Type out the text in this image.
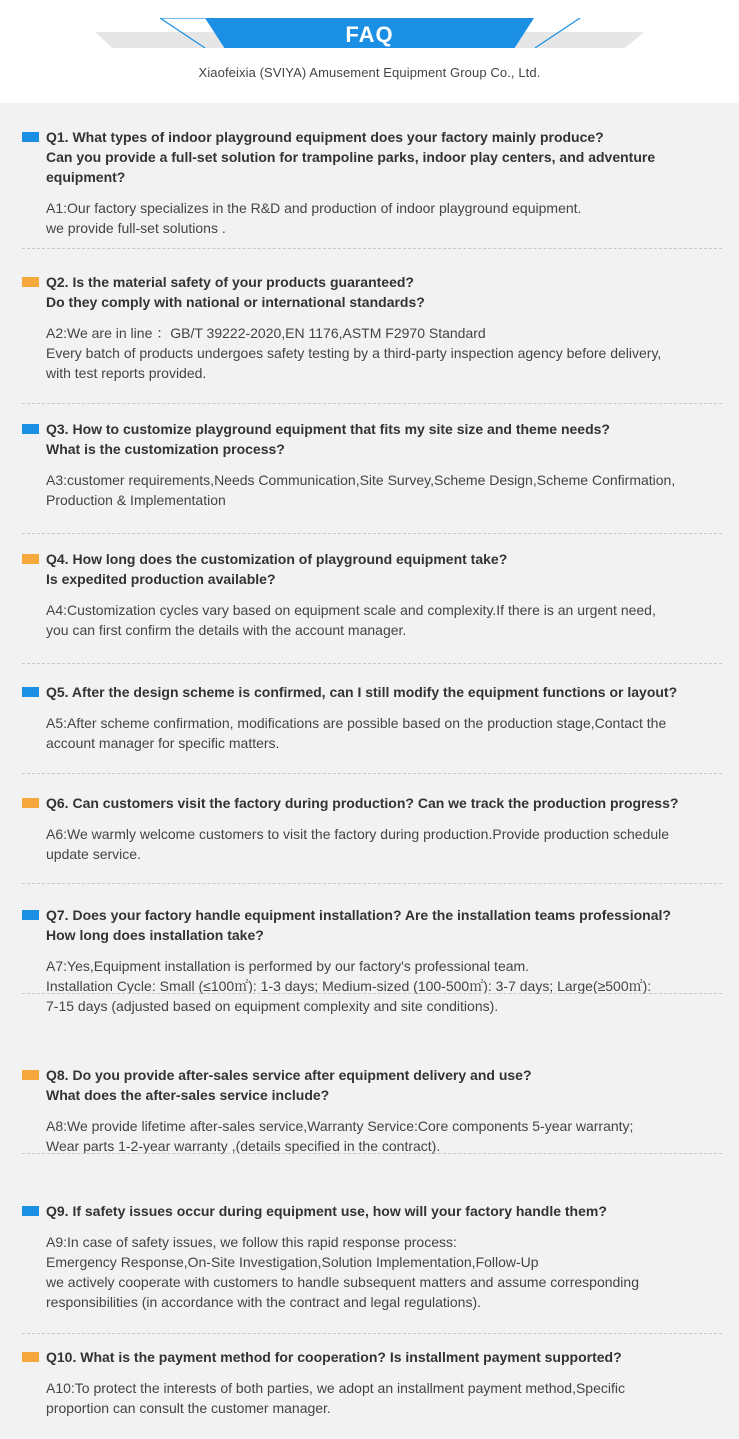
FAQ
Xiaofeixia (SVIYA) Amusement Equipment Group Co., Ltd.
Q1. What types of indoor playground equipment does your factory mainly produce?
Can you provide a full-set solution for trampoline parks, indoor play centers, and adventure
equipment?
A1:Our factory specializes in the R&D and production of indoor playground equipment.
we provide full-set solutions .
Q2. Is the material safety of your products guaranteed?
Do they comply with national or international standards?
A2:We are in line ：GB/T 39222-2020,EN 1176,ASTM F2970 Standard
Every batch of products undergoes safety testing by a third-party inspection agency before delivery,
with test reports provided.
Q3. How to customize playground equipment that fits my site size and theme needs?
What is the customization process?
A3:customer requirements,Needs Communication,Site Survey,Scheme Design,Scheme Confirmation,
Production & Implementation
Q4. How long does the customization of playground equipment take?
Is expedited production available?
A4:Customization cycles vary based on equipment scale and complexity.If there is an urgent need,
you can first confirm the details with the account manager.
Q5. After the design scheme is confirmed, can I still modify the equipment functions or layout?
A5:After scheme confirmation, modifications are possible based on the production stage,Contact the
account manager for specific matters.
Q6. Can customers visit the factory during production? Can we track the production progress?
A6:We warmly welcome customers to visit the factory during production.Provide production schedule
update service.
Q7. Does your factory handle equipment installation? Are the installation teams professional?
How long does installation take?
A7:Yes,Equipment installation is performed by our factory's professional team.
Installation Cycle: Small (≤100㎡): 1-3 days; Medium-sized (100-500㎡): 3-7 days; Large(≥500㎡):
7-15 days (adjusted based on equipment complexity and site conditions).
Q8. Do you provide after-sales service after equipment delivery and use?
What does the after-sales service include?
A8:We provide lifetime after-sales service,Warranty Service:Core components 5-year warranty;
Wear parts 1-2-year warranty ,(details specified in the contract).
Q9. If safety issues occur during equipment use, how will your factory handle them?
A9:In case of safety issues, we follow this rapid response process:
Emergency Response,On-Site Investigation,Solution Implementation,Follow-Up
we actively cooperate with customers to handle subsequent matters and assume corresponding
responsibilities (in accordance with the contract and legal regulations).
Q10. What is the payment method for cooperation? Is installment payment supported?
A10:To protect the interests of both parties, we adopt an installment payment method,Specific
proportion can consult the customer manager.
